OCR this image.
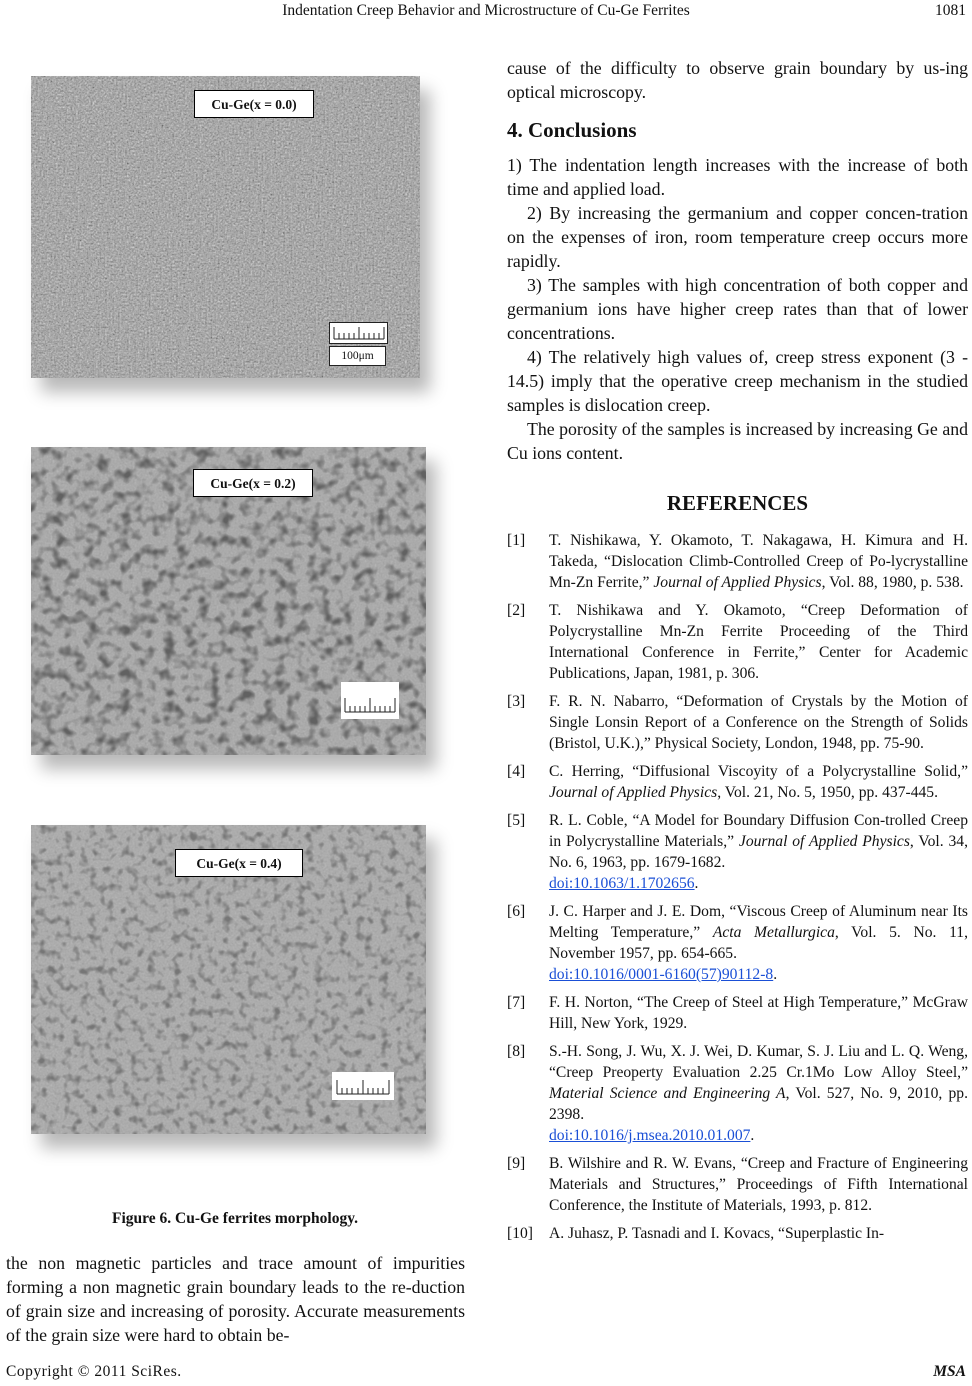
Indentation Creep Behavior and Microstructure of Cu-Ge Ferrites	1081
Cu-Ge(x = 0.0)
100μm
Cu-Ge(x = 0.2)
Cu-Ge(x = 0.4)
Figure 6. Cu-Ge ferrites morphology.
the non magnetic particles and trace amount of impurities forming a non magnetic grain boundary leads to the re-duction of grain size and increasing of porosity. Accurate measurements of the grain size were hard to obtain be-

cause of the difficulty to observe grain boundary by us-ing optical microscopy.

4. Conclusions

1) The indentation length increases with the increase of both time and applied load.

2) By increasing the germanium and copper concen-tration on the expenses of iron, room temperature creep occurs more rapidly.

3) The samples with high concentration of both copper and germanium ions have higher creep rates than that of lower concentrations.

4) The relatively high values of, creep stress exponent (3 - 14.5) imply that the operative creep mechanism in the studied samples is dislocation creep.

The porosity of the samples is increased by increasing Ge and Cu ions content.

REFERENCES

[1] T. Nishikawa, Y. Okamoto, T. Nakagawa, H. Kimura and H. Takeda, “Dislocation Climb-Controlled Creep of Po-lycrystalline Mn-Zn Ferrite,” Journal of Applied Physics, Vol. 88, 1980, p. 538.

[2] T. Nishikawa and Y. Okamoto, “Creep Deformation of Polycrystalline Mn-Zn Ferrite Proceeding of the Third International Conference in Ferrite,” Center for Academic Publications, Japan, 1981, p. 306.

[3] F. R. N. Nabarro, “Deformation of Crystals by the Motion of Single Lonsin Report of a Conference on the Strength of Solids (Bristol, U.K.),” Physical Society, London, 1948, pp. 75-90.

[4] C. Herring, “Diffusional Viscoyity of a Polycrystalline Solid,” Journal of Applied Physics, Vol. 21, No. 5, 1950, pp. 437-445.

[5] R. L. Coble, “A Model for Boundary Diffusion Con-trolled Creep in Polycrystalline Materials,” Journal of Applied Physics, Vol. 34, No. 6, 1963, pp. 1679-1682.
doi:10.1063/1.1702656.

[6] J. C. Harper and J. E. Dom, “Viscous Creep of Aluminum near Its Melting Temperature,” Acta Metallurgica, Vol. 5. No. 11, November 1957, pp. 654-665.
doi:10.1016/0001-6160(57)90112-8.

[7] F. H. Norton, “The Creep of Steel at High Temperature,” McGraw Hill, New York, 1929.

[8] S.-H. Song, J. Wu, X. J. Wei, D. Kumar, S. J. Liu and L. Q. Weng, “Creep Preoperty Evaluation 2.25 Cr.1Mo Low Alloy Steel,” Material Science and Engineering A, Vol. 527, No. 9, 2010, pp. 2398.
doi:10.1016/j.msea.2010.01.007.

[9] B. Wilshire and R. W. Evans, “Creep and Fracture of Engineering Materials and Structures,” Proceedings of Fifth International Conference, the Institute of Materials, 1993, p. 812.

[10] A. Juhasz, P. Tasnadi and I. Kovacs, “Superplastic In-

Copyright © 2011 SciRes.	MSA
